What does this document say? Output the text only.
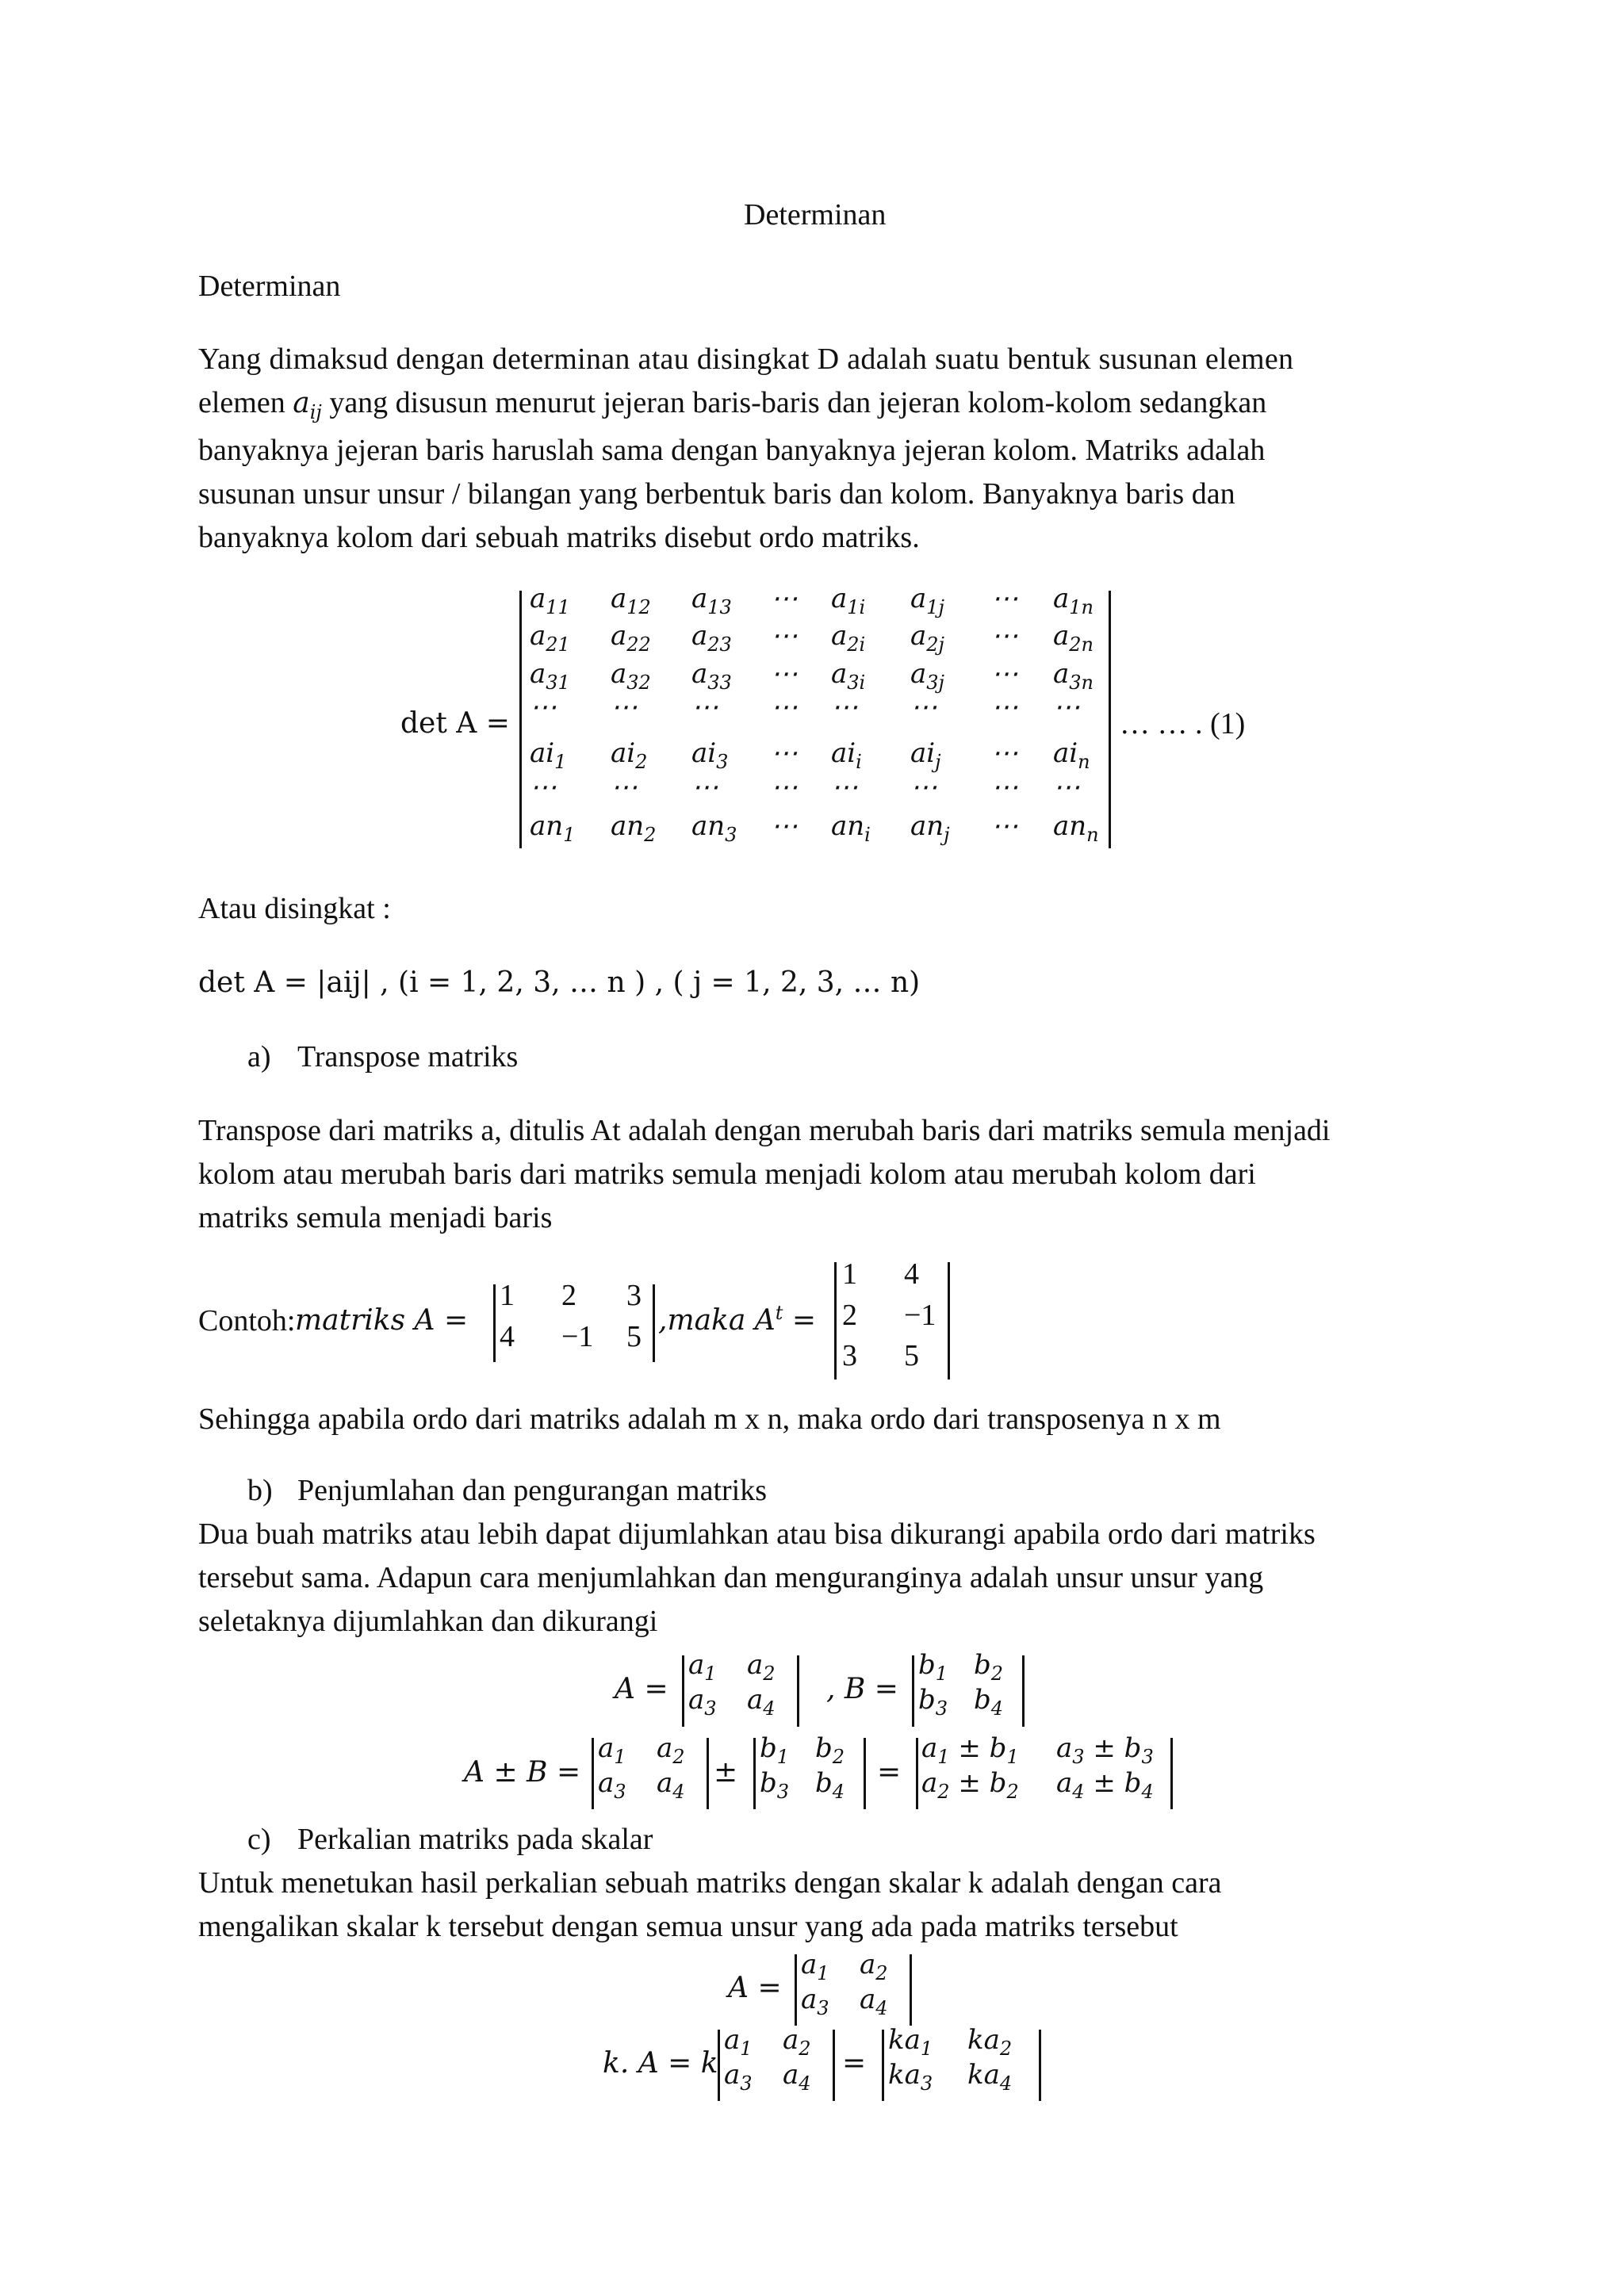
Determinan
Determinan
Yang dimaksud dengan determinan atau disingkat D adalah suatu bentuk susunan elemen
elemen $a_{ij}$ yang disusun menurut jejeran baris-baris dan jejeran kolom-kolom sedangkan
banyaknya jejeran baris haruslah sama dengan banyaknya jejeran kolom. Matriks adalah
susunan unsur unsur / bilangan yang berbentuk baris dan kolom. Banyaknya baris dan
banyaknya kolom dari sebuah matriks disebut ordo matriks.
det A =
$a_{11}$ $a_{12}$ $a_{13}$ ⋯ $a_{1i}$ $a_{1j}$ ⋯ $a_{1n}$
$a_{21}$ $a_{22}$ $a_{23}$ ⋯ $a_{2i}$ $a_{2j}$ ⋯ $a_{2n}$
$a_{31}$ $a_{32}$ $a_{33}$ ⋯ $a_{3i}$ $a_{3j}$ ⋯ $a_{3n}$
⋯ ⋯ ⋯ ⋯ ⋯ ⋯ ⋯ ⋯
$ai_1$ $ai_2$ $ai_3$ ⋯ $ai_i$ $ai_j$ ⋯ $ai_n$
⋯ ⋯ ⋯ ⋯ ⋯ ⋯ ⋯ ⋯
$an_1$ $an_2$ $an_3$ ⋯ $an_i$ $an_j$ ⋯ $an_n$
… … . (1)
Atau disingkat :
det A = |aij| , (i = 1, 2, 3, … n ) , ( j = 1, 2, 3, … n)
a) Transpose matriks
Transpose dari matriks a, ditulis At adalah dengan merubah baris dari matriks semula menjadi
kolom atau merubah baris dari matriks semula menjadi kolom atau merubah kolom dari
matriks semula menjadi baris
Contoh: matriks A =
1 2 3
4 −1 5 ,maka $A^t$ =
1 4
2 −1
3 5
Sehingga apabila ordo dari matriks adalah m x n, maka ordo dari transposenya n x m
b) Penjumlahan dan pengurangan matriks
Dua buah matriks atau lebih dapat dijumlahkan atau bisa dikurangi apabila ordo dari matriks
tersebut sama. Adapun cara menjumlahkan dan menguranginya adalah unsur unsur yang
seletaknya dijumlahkan dan dikurangi
A =	, B =
A ± B =	±	=
$a_1$ $a_2$
$a_3$ $a_4$
$b_1$ $b_2$
$b_3$ $b_4$
$a_1$ $a_2$
$a_3$ $a_4$
$b_1$ $b_2$
$b_3$ $b_4$
$a_1 \pm b_1$ $a_3 \pm b_3$
$a_2 \pm b_2$ $a_4 \pm b_4$
c) Perkalian matriks pada skalar
Untuk menetukan hasil perkalian sebuah matriks dengan skalar k adalah dengan cara
mengalikan skalar k tersebut dengan semua unsur yang ada pada matriks tersebut
A =
k. A = k	=
$a_1$ $a_2$
$a_3$ $a_4$
$a_1$ $a_2$
$a_3$ $a_4$
$ka_1$ $ka_2$
$ka_3$ $ka_4$
